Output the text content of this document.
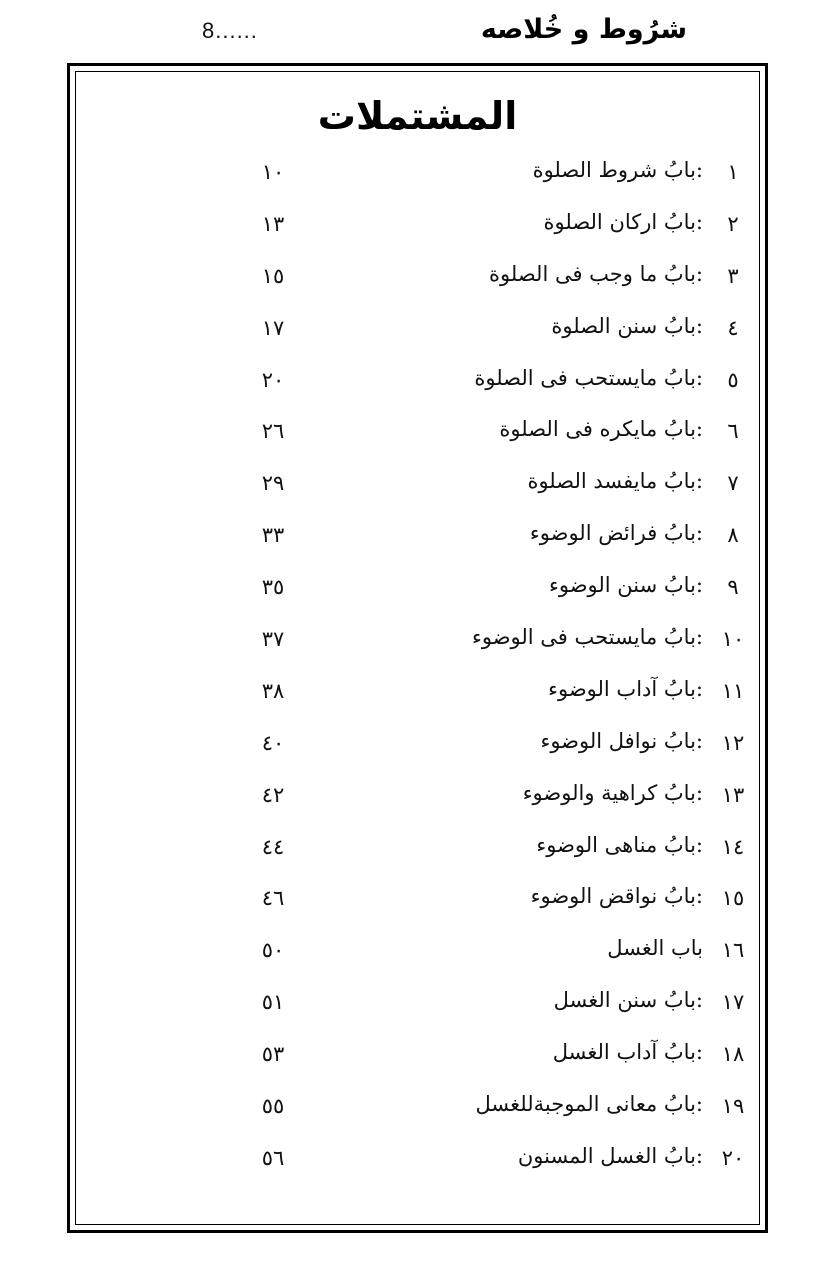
8......	شرُوط و خُلاصه
المشتملات
١
:بابُ شروط الصلوة
١٠
٢
:بابُ ارکان الصلوة
١٣
٣
:بابُ ما وجب فی الصلوة
١٥
٤
:بابُ سنن الصلوة
١٧
٥
:بابُ مایستحب فی الصلوة
٢٠
٦
:بابُ مایکره فی الصلوة
٢٦
٧
:بابُ مایفسد الصلوة
٢٩
٨
:بابُ فرائض الوضوء
٣٣
٩
:بابُ سنن الوضوء
٣٥
١٠
:بابُ مایستحب فی الوضوء
٣٧
١١
:بابُ آداب الوضوء
٣٨
١٢
:بابُ نوافل الوضوء
٤٠
١٣
:بابُ کراھیة والوضوء
٤٢
١٤
:بابُ مناھی الوضوء
٤٤
١٥
:بابُ نواقض الوضوء
٤٦
١٦
باب الغسل
٥٠
١٧
:بابُ سنن الغسل
٥١
١٨
:بابُ آداب الغسل
٥٣
١٩
:بابُ معانی الموجبةللغسل
٥٥
٢٠
:بابُ الغسل المسنون
٥٦
